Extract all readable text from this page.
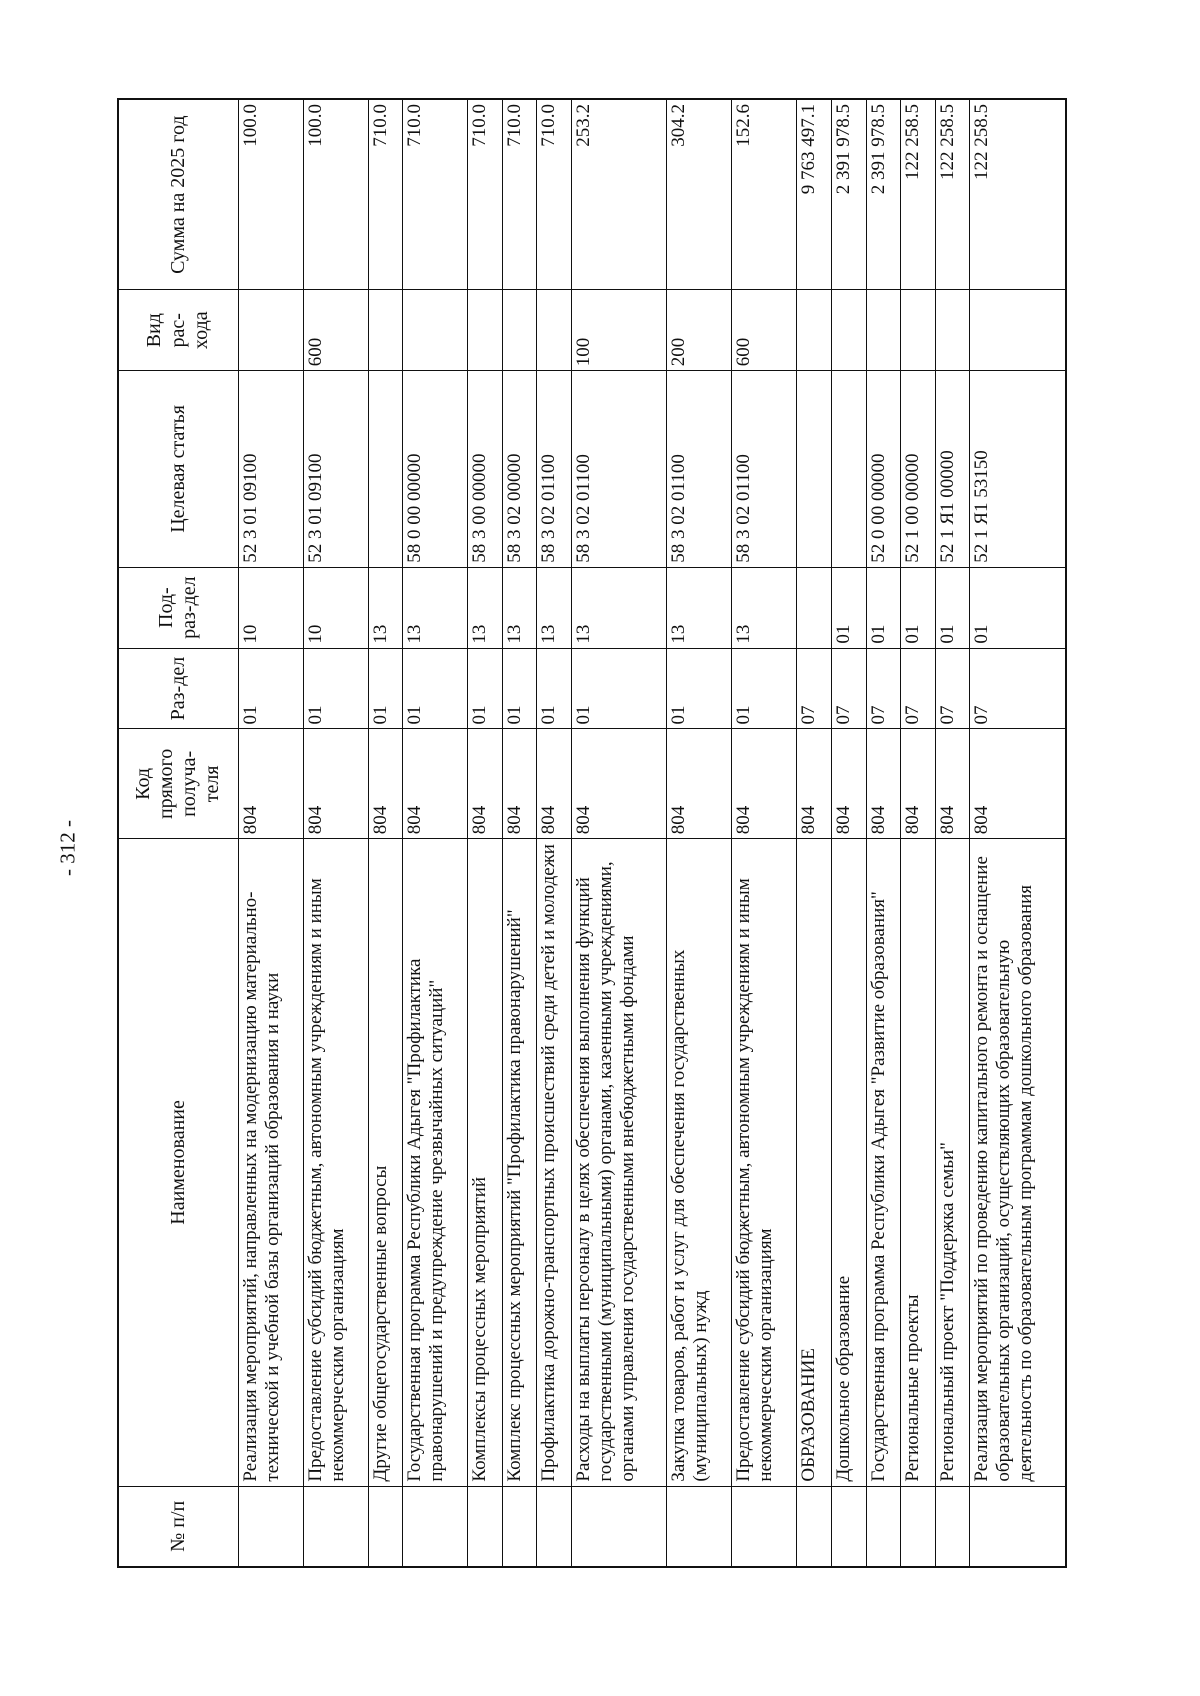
- 312 -
№ п/п	Наименование	Код прямого получа-теля	Раз-дел	Под-раз-дел	Целевая статья	Вид рас-хода	Сумма на 2025 год
	Реализация мероприятий, направленных на модернизацию материально-технической и учебной базы организаций образования и науки	804	01	10	52 3 01 09100		100.0
	Предоставление субсидий бюджетным, автономным учреждениям и иным некоммерческим организациям	804	01	10	52 3 01 09100	600	100.0
	Другие общегосударственные вопросы	804	01	13			710.0
	Государственная программа Республики Адыгея "Профилактика правонарушений и предупреждение чрезвычайных ситуаций"	804	01	13	58 0 00 00000		710.0
	Комплексы процессных мероприятий	804	01	13	58 3 00 00000		710.0
	Комплекс процессных мероприятий "Профилактика правонарушений"	804	01	13	58 3 02 00000		710.0
	Профилактика дорожно-транспортных происшествий среди детей и молодежи	804	01	13	58 3 02 01100		710.0
	Расходы на выплаты персоналу в целях обеспечения выполнения функций государственными (муниципальными) органами, казенными учреждениями, органами управления государственными внебюджетными фондами	804	01	13	58 3 02 01100	100	253.2
	Закупка товаров, работ и услуг для обеспечения государственных (муниципальных) нужд	804	01	13	58 3 02 01100	200	304.2
	Предоставление субсидий бюджетным, автономным учреждениям и иным некоммерческим организациям	804	01	13	58 3 02 01100	600	152.6
	ОБРАЗОВАНИЕ	804	07				9 763 497.1
	Дошкольное образование	804	07	01			2 391 978.5
	Государственная программа Республики Адыгея "Развитие образования"	804	07	01	52 0 00 00000		2 391 978.5
	Региональные проекты	804	07	01	52 1 00 00000		122 258.5
	Региональный проект "Поддержка семьи"	804	07	01	52 1 Я1 00000		122 258.5
	Реализация мероприятий по проведению капитального ремонта и оснащение образовательных организаций, осуществляющих образовательную деятельность по образовательным программам дошкольного образования	804	07	01	52 1 Я1 53150		122 258.5
